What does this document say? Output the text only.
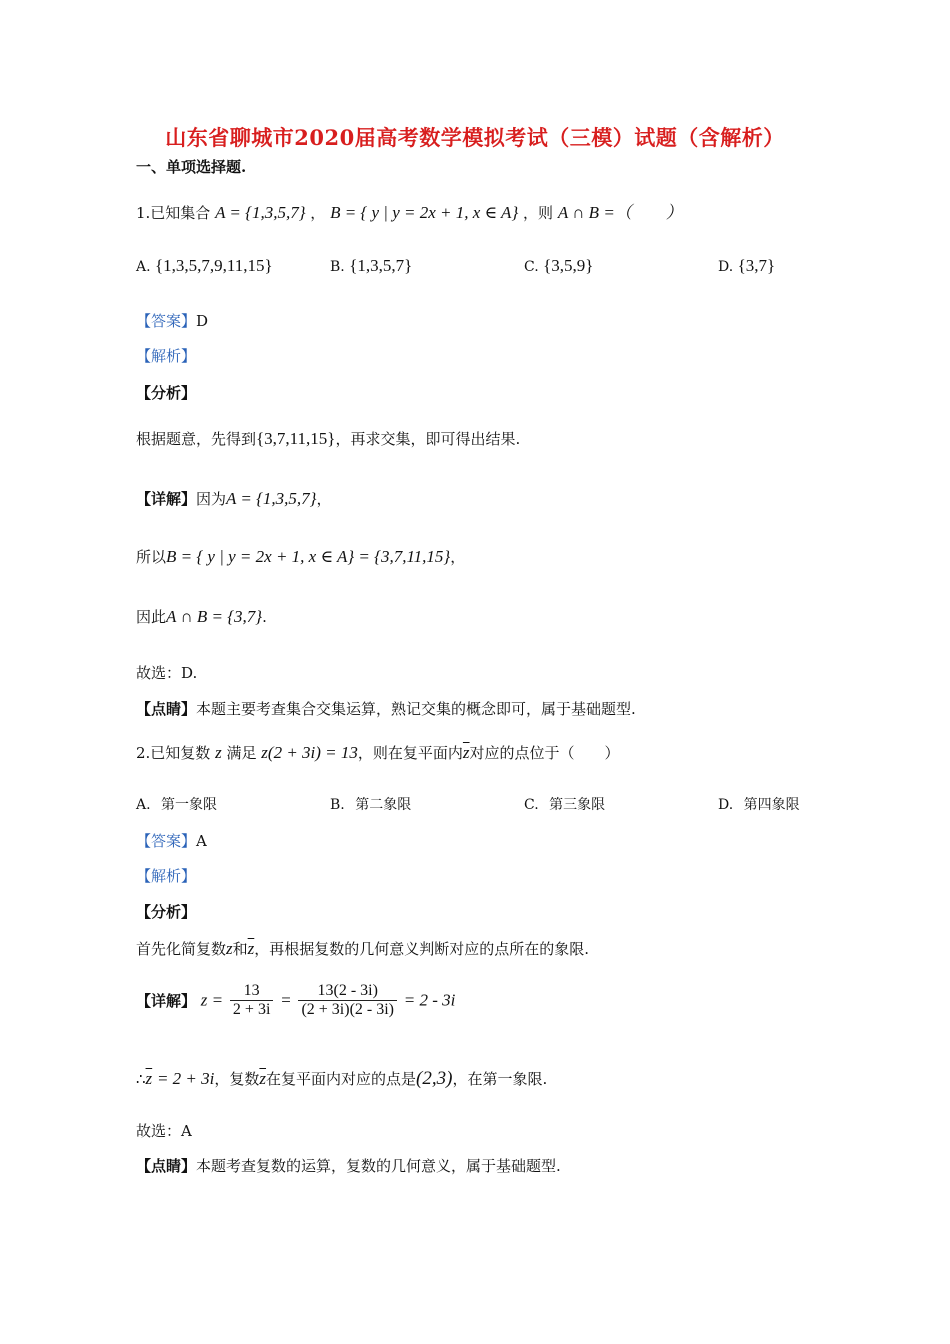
山东省聊城市2020届高考数学模拟考试（三模）试题（含解析）
一、单项选择题.
1.已知集合 A = {1,3,5,7} ， B = { y | y = 2x + 1, x ∈ A} ，则 A ∩ B =（　　）
A. {1,3,5,7,9,11,15}	B. {1,3,5,7}	C. {3,5,9}	D. {3,7}
【答案】D
【解析】
【分析】
根据题意，先得到{3,7,11,15}，再求交集，即可得出结果.
【详解】因为A = {1,3,5,7}，
所以B = { y | y = 2x + 1, x ∈ A} = {3,7,11,15}，
因此A ∩ B = {3,7}.
故选：D.
【点睛】本题主要考查集合交集运算，熟记交集的概念即可，属于基础题型.
2.已知复数 z 满足 z(2 + 3i) = 13，则在复平面内$\overline{z}$对应的点位于（　　）
A. 第一象限	B. 第二象限	C. 第三象限	D. 第四象限
【答案】A
【解析】
【分析】
首先化简复数z和$\overline{z}$，再根据复数的几何意义判断对应的点所在的象限.
【详解】 $z = \frac{13}{2 + 3i} = \frac{13(2 - 3i)}{(2 + 3i)(2 - 3i)} = 2 - 3i$
$\therefore\overline{z} = 2 + 3i$，复数$\overline{z}$在复平面内对应的点是(2,3)，在第一象限.
故选：A
【点睛】本题考查复数的运算，复数的几何意义，属于基础题型.
